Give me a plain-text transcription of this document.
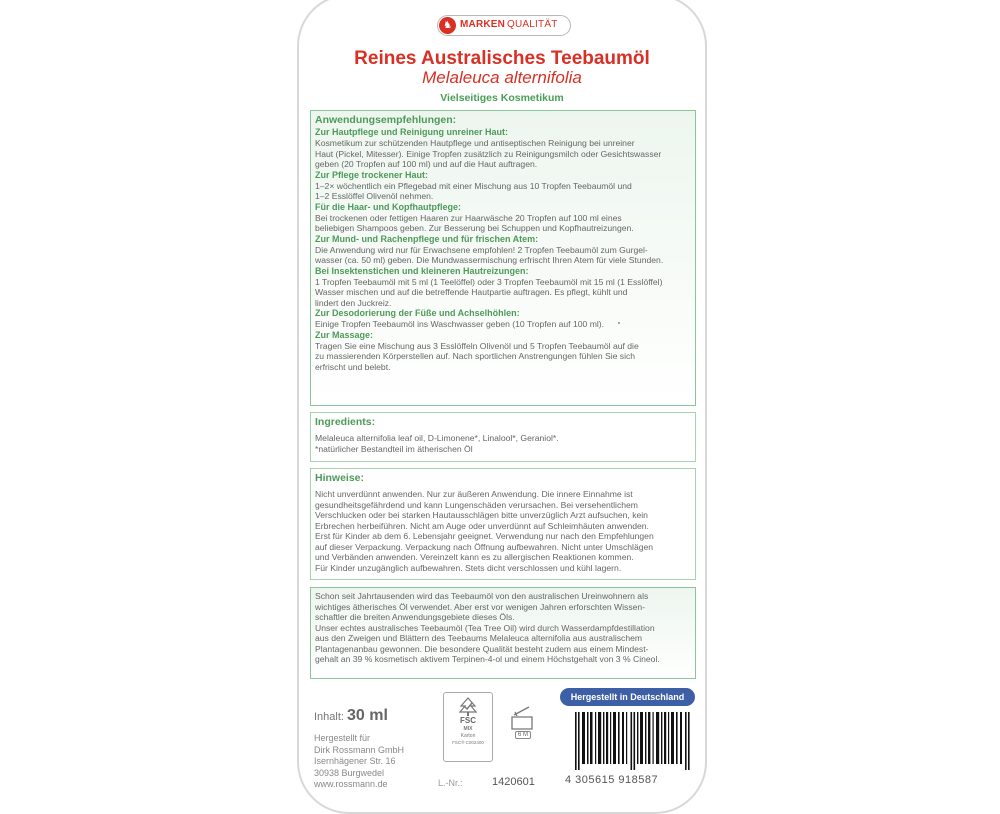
♞ MARKEN QUALITÄT
Reines Australisches Teebaumöl
Melaleuca alternifolia
Vielseitiges Kosmetikum
Anwendungsempfehlungen:
Zur Hautpflege und Reinigung unreiner Haut:
Kosmetikum zur schützenden Hautpflege und antiseptischen Reinigung bei unreiner
Haut (Pickel, Mitesser). Einige Tropfen zusätzlich zu Reinigungsmilch oder Gesichtswasser
geben (20 Tropfen auf 100 ml) und auf die Haut auftragen.
Zur Pflege trockener Haut:
1–2× wöchentlich ein Pflegebad mit einer Mischung aus 10 Tropfen Teebaumöl und
1–2 Esslöffel Olivenöl nehmen.
Für die Haar- und Kopfhautpflege:
Bei trockenen oder fettigen Haaren zur Haarwäsche 20 Tropfen auf 100 ml eines
beliebigen Shampoos geben. Zur Besserung bei Schuppen und Kopfhautreizungen.
Zur Mund- und Rachenpflege und für frischen Atem:
Die Anwendung wird nur für Erwachsene empfohlen! 2 Tropfen Teebaumöl zum Gurgel-
wasser (ca. 50 ml) geben. Die Mundwassermischung erfrischt Ihren Atem für viele Stunden.
Bei Insektenstichen und kleineren Hautreizungen:
1 Tropfen Teebaumöl mit 5 ml (1 Teelöffel) oder 3 Tropfen Teebaumöl mit 15 ml (1 Esslöffel)
Wasser mischen und auf die betreffende Hautpartie auftragen. Es pflegt, kühlt und
lindert den Juckreiz.
Zur Desodorierung der Füße und Achselhöhlen:
Einige Tropfen Teebaumöl ins Waschwasser geben (10 Tropfen auf 100 ml).
Zur Massage:
Tragen Sie eine Mischung aus 3 Esslöffeln Olivenöl und 5 Tropfen Teebaumöl auf die
zu massierenden Körperstellen auf. Nach sportlichen Anstrengungen fühlen Sie sich
erfrischt und belebt.
Ingredients:
Melaleuca alternifolia leaf oil, D-Limonene*, Linalool*, Geraniol*.
*natürlicher Bestandteil im ätherischen Öl
Hinweise:
Nicht unverdünnt anwenden. Nur zur äußeren Anwendung. Die innere Einnahme ist
gesundheitsgefährdend und kann Lungenschäden verursachen. Bei versehentlichem
Verschlucken oder bei starken Hautausschlägen bitte unverzüglich Arzt aufsuchen, kein
Erbrechen herbeiführen. Nicht am Auge oder unverdünnt auf Schleimhäuten anwenden.
Erst für Kinder ab dem 6. Lebensjahr geeignet. Verwendung nur nach den Empfehlungen
auf dieser Verpackung. Verpackung nach Öffnung aufbewahren. Nicht unter Umschlägen
und Verbänden anwenden. Vereinzelt kann es zu allergischen Reaktionen kommen.
Für Kinder unzugänglich aufbewahren. Stets dicht verschlossen und kühl lagern.
Schon seit Jahrtausenden wird das Teebaumöl von den australischen Ureinwohnern als
wichtiges ätherisches Öl verwendet. Aber erst vor wenigen Jahren erforschten Wissen-
schaftler die breiten Anwendungsgebiete dieses Öls.
Unser echtes australisches Teebaumöl (Tea Tree Oil) wird durch Wasserdampfdestillation
aus den Zweigen und Blättern des Teebaums Melaleuca alternifolia aus australischem
Plantagenanbau gewonnen. Die besondere Qualität besteht zudem aus einem Mindest-
gehalt an 39 % kosmetisch aktivem Terpinen-4-ol und einem Höchstgehalt von 3 % Cineol.
Hergestellt in Deutschland
Inhalt: 30 ml
Hergestellt für
Dirk Rossmann GmbH
Isernhägener Str. 16
30938 Burgwedel
www.rossmann.de
FSC
MIX
Karton
FSC® C002400
6 M
L.-Nr.:	1420601	4 305615 918587
